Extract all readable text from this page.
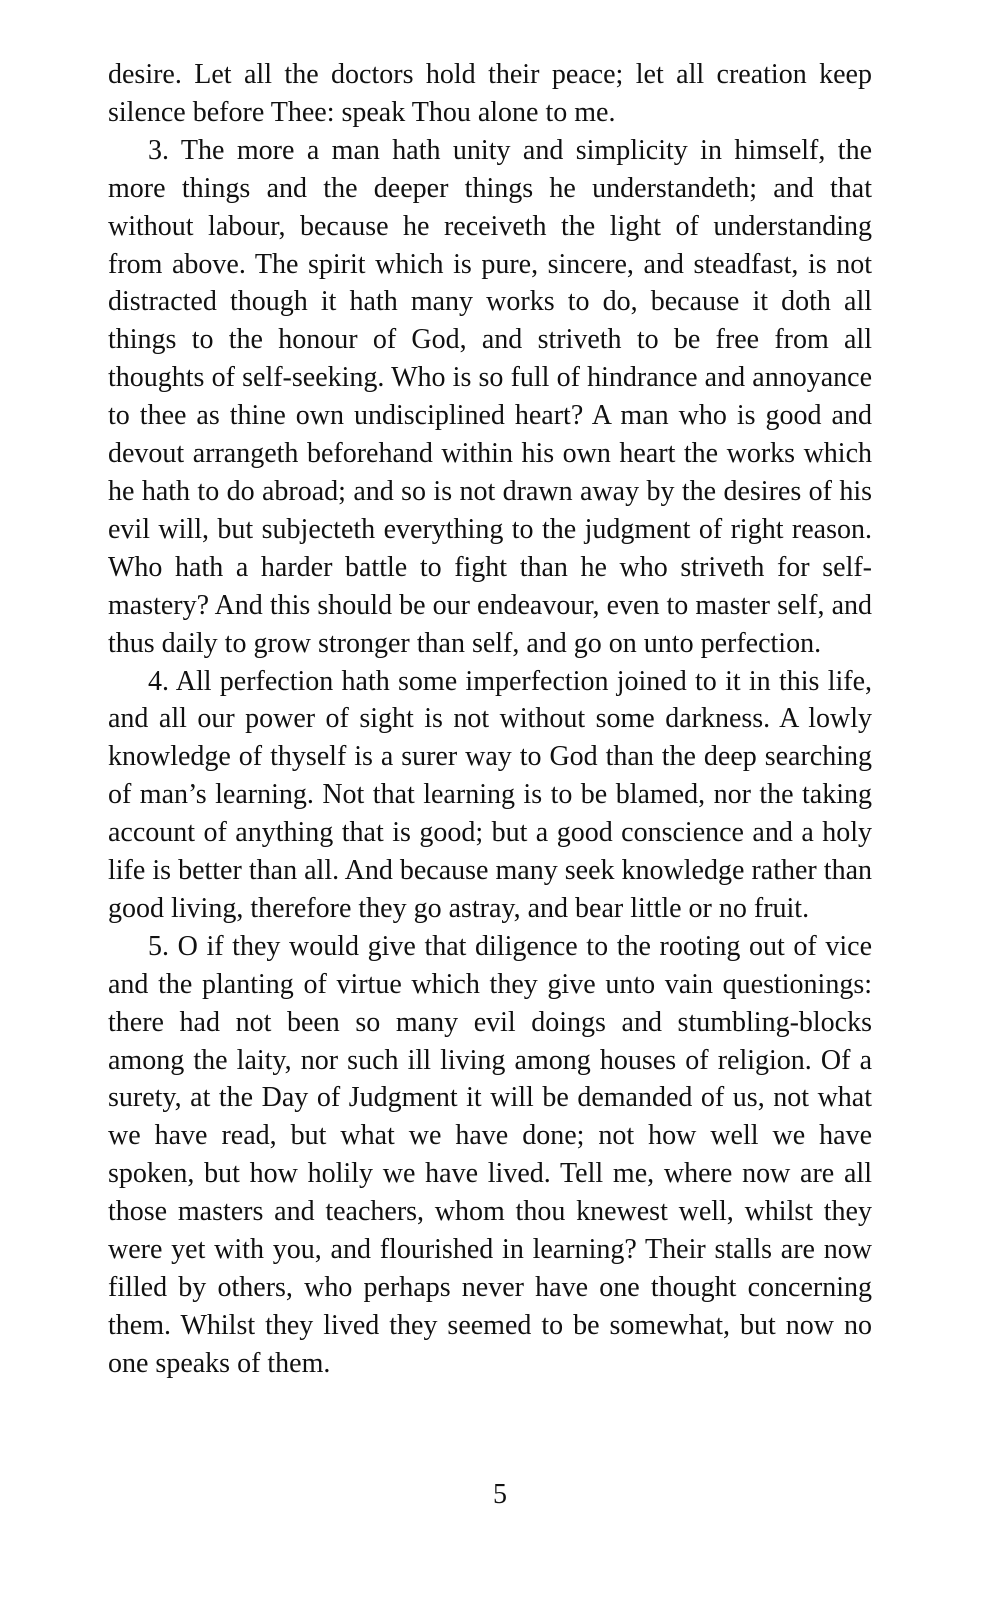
desire. Let all the doctors hold their peace; let all creation keep silence before Thee: speak Thou alone to me.

3. The more a man hath unity and simplicity in himself, the more things and the deeper things he understandeth; and that without labour, because he receiveth the light of understanding from above. The spirit which is pure, sincere, and steadfast, is not distracted though it hath many works to do, because it doth all things to the honour of God, and striveth to be free from all thoughts of self-seeking. Who is so full of hindrance and annoyance to thee as thine own undisciplined heart? A man who is good and devout arrangeth beforehand within his own heart the works which he hath to do abroad; and so is not drawn away by the desires of his evil will, but subjecteth everything to the judgment of right reason. Who hath a harder battle to fight than he who striveth for self-mastery? And this should be our endeavour, even to master self, and thus daily to grow stronger than self, and go on unto perfection.

4. All perfection hath some imperfection joined to it in this life, and all our power of sight is not without some darkness. A lowly knowledge of thyself is a surer way to God than the deep searching of man’s learning. Not that learning is to be blamed, nor the taking account of anything that is good; but a good conscience and a holy life is better than all. And because many seek knowledge rather than good living, therefore they go astray, and bear little or no fruit.

5. O if they would give that diligence to the rooting out of vice and the planting of virtue which they give unto vain questionings: there had not been so many evil doings and stumbling-blocks among the laity, nor such ill living among houses of religion. Of a surety, at the Day of Judgment it will be demanded of us, not what we have read, but what we have done; not how well we have spoken, but how holily we have lived. Tell me, where now are all those masters and teachers, whom thou knewest well, whilst they were yet with you, and flourished in learning? Their stalls are now filled by others, who perhaps never have one thought concerning them. Whilst they lived they seemed to be somewhat, but now no one speaks of them.

5
